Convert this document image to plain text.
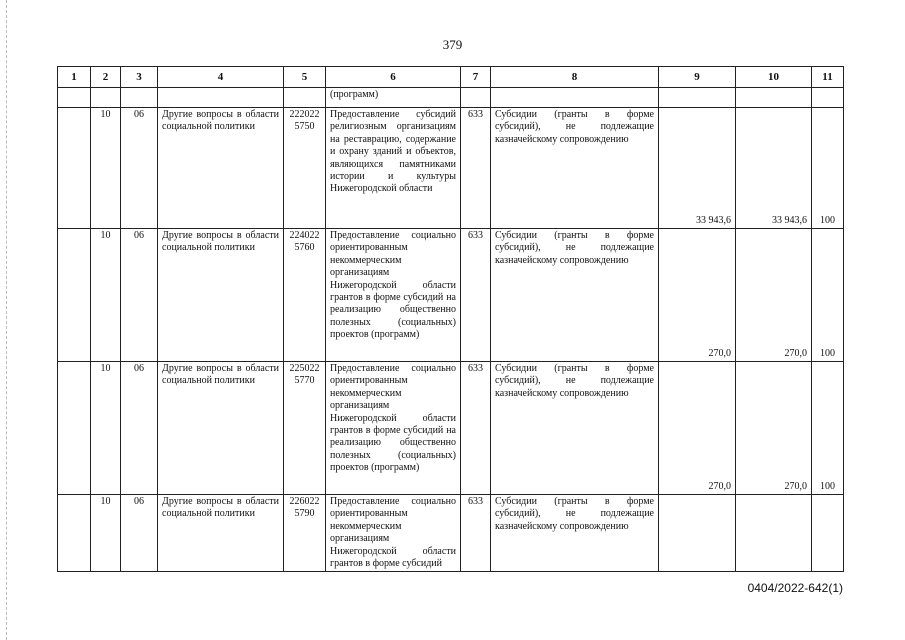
379
1	2	3	4	5	6	7	8	9	10	11
					(программ)					
	10	06	Другие вопросы в области социальной политики	222022 5750	Предоставление субсидий религиозным организациям на реставрацию, содержание и охрану зданий и объектов, являющихся памятниками истории и культуры Нижегородской области	633	Субсидии (гранты в форме субсидий), не подлежащие казначейскому сопровождению	33 943,6	33 943,6	100
	10	06	Другие вопросы в области социальной политики	224022 5760	Предоставление социально ориентированным некоммерческим организациям Нижегородской области грантов в форме субсидий на реализацию общественно полезных (социальных) проектов (программ)	633	Субсидии (гранты в форме субсидий), не подлежащие казначейскому сопровождению	270,0	270,0	100
	10	06	Другие вопросы в области социальной политики	225022 5770	Предоставление социально ориентированным некоммерческим организациям Нижегородской области грантов в форме субсидий на реализацию общественно полезных (социальных) проектов (программ)	633	Субсидии (гранты в форме субсидий), не подлежащие казначейскому сопровождению	270,0	270,0	100
	10	06	Другие вопросы в области социальной политики	226022 5790	Предоставление социально ориентированным некоммерческим организациям Нижегородской области грантов в форме субсидий	633	Субсидии (гранты в форме субсидий), не подлежащие казначейскому сопровождению			
0404/2022-642(1)
